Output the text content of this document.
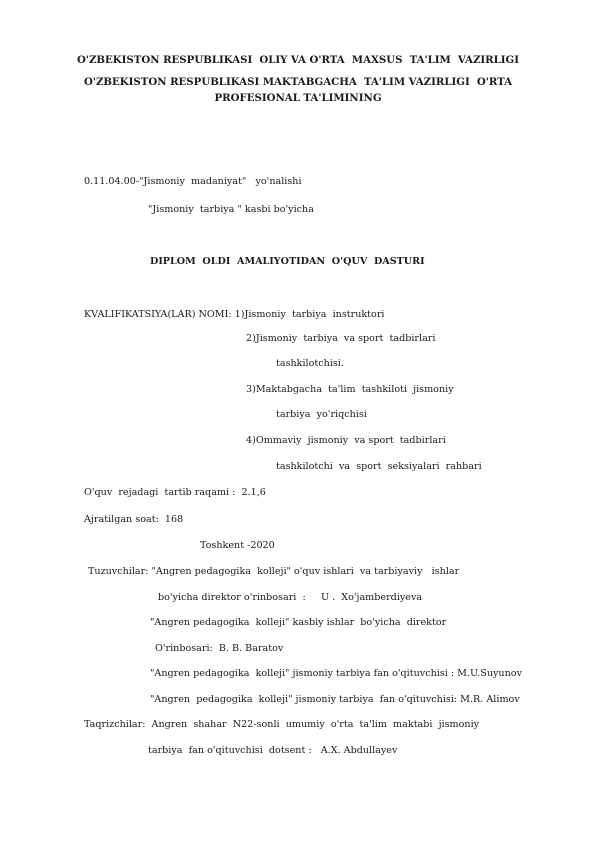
O'ZBEKISTON RESPUBLIKASI  OLIY VA O'RTA  MAXSUS  TA'LIM  VAZIRLIGI
O'ZBEKISTON RESPUBLIKASI MAKTABGACHA  TA'LIM VAZIRLIGI  O'RTA
PROFESIONAL TA'LIMINING
0.11.04.00-"Jismoniy  madaniyat"   yo'nalishi
"Jismoniy  tarbiya " kasbi bo'yicha
DIPLOM  OLDI  AMALIYOTIDAN  O'QUV  DASTURI
KVALIFIKATSIYA(LAR) NOMI: 1)Jismoniy  tarbiya  instruktori
2)Jismoniy  tarbiya  va sport  tadbirlari
tashkilotchisi.
3)Maktabgacha  ta'lim  tashkiloti  jismoniy
tarbiya  yo'riqchisi
4)Ommaviy  jismoniy  va sport  tadbirlari
tashkilotchi  va  sport  seksiyalari  rahbari
O'quv  rejadagi  tartib raqami :  2.1,6
Ajratilgan soat:  168
Toshkent -2020
Tuzuvchilar: "Angren pedagogika  kolleji" o'quv ishlari  va tarbiyaviy   ishlar
bo'yicha direktor o'rinbosari  :     U .  Xo'jamberdiyeva
"Angren pedagogika  kolleji" kasbiy ishlar  bo'yicha  direktor
O'rinbosari:  B. B. Baratov
"Angren pedagogika  kolleji" jismoniy tarbiya fan o'qituvchisi : M.U.Suyunov
"Angren  pedagogika  kolleji" jismoniy tarbiya  fan o'qituvchisi: M.R. Alimov
Taqrizchilar:  Angren  shahar  N22-sonli  umumiy  o'rta  ta'lim  maktabi  jismoniy
tarbiya  fan o'qituvchisi  dotsent :   A.X. Abdullayev
